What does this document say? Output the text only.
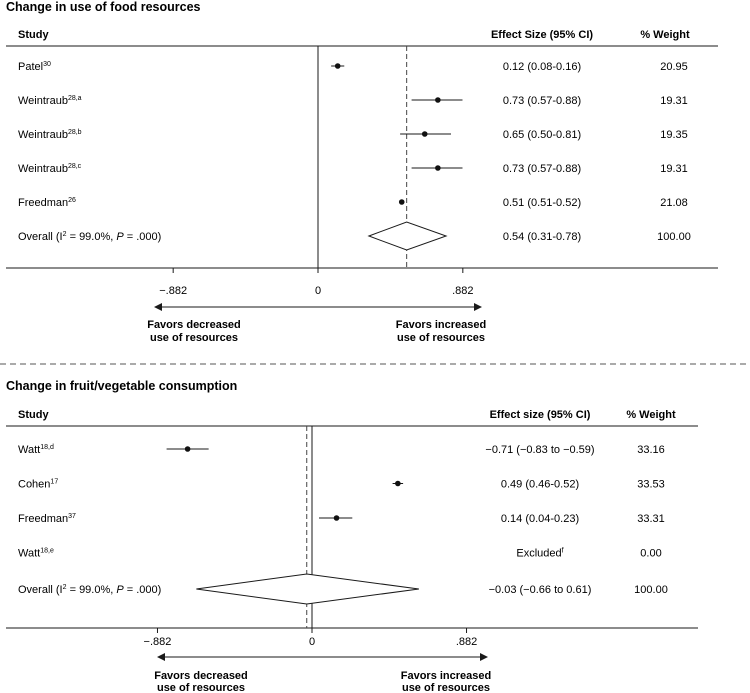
Change in use of food resources
Study	Effect Size (95% CI)	% Weight
Patel$^{30}$	0.12 (0.08-0.16)	20.95
Weintraub$^{28,a}$	0.73 (0.57-0.88)	19.31
Weintraub$^{28,b}$	0.65 (0.50-0.81)	19.35
Weintraub$^{28,c}$	0.73 (0.57-0.88)	19.31
Freedman$^{26}$	0.51 (0.51-0.52)	21.08
Overall ($I^2 = 99.0\%$, P = .000)	0.54 (0.31-0.78)	100.00
−.882	0	.882
Favors decreased
use of resources
Favors increased
use of resources
Change in fruit/vegetable consumption
Study	Effect size (95% CI)	% Weight
Watt$^{18,d}$	−0.71 (−0.83 to −0.59)	33.16
Cohen$^{17}$	0.49 (0.46-0.52)	33.53
Freedman$^{37}$	0.14 (0.04-0.23)	33.31
Watt$^{18,e}$	Excluded$^f$	0.00
Overall ($I^2 = 99.0\%$, P = .000)	−0.03 (−0.66 to 0.61)	100.00
−.882	0	.882
Favors decreased
use of resources
Favors increased
use of resources
